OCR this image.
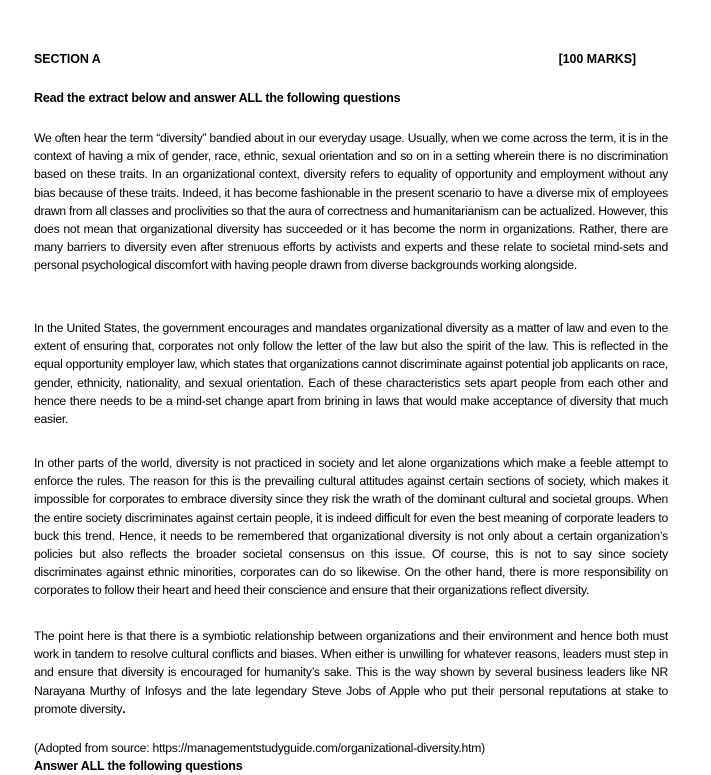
SECTION A	[100 MARKS]
Read the extract below and answer ALL the following questions

We often hear the term “diversity” bandied about in our everyday usage. Usually, when we come across the term, it is in the context of having a mix of gender, race, ethnic, sexual orientation and so on in a setting wherein there is no discrimination based on these traits. In an organizational context, diversity refers to equality of opportunity and employment without any bias because of these traits. Indeed, it has become fashionable in the present scenario to have a diverse mix of employees drawn from all classes and proclivities so that the aura of correctness and humanitarianism can be actualized. However, this does not mean that organizational diversity has succeeded or it has become the norm in organizations. Rather, there are many barriers to diversity even after strenuous efforts by activists and experts and these relate to societal mind-sets and personal psychological discomfort with having people drawn from diverse backgrounds working alongside.

In the United States, the government encourages and mandates organizational diversity as a matter of law and even to the extent of ensuring that, corporates not only follow the letter of the law but also the spirit of the law. This is reflected in the equal opportunity employer law, which states that organizations cannot discriminate against potential job applicants on race, gender, ethnicity, nationality, and sexual orientation. Each of these characteristics sets apart people from each other and hence there needs to be a mind-set change apart from brining in laws that would make acceptance of diversity that much easier.

In other parts of the world, diversity is not practiced in society and let alone organizations which make a feeble attempt to enforce the rules. The reason for this is the prevailing cultural attitudes against certain sections of society, which makes it impossible for corporates to embrace diversity since they risk the wrath of the dominant cultural and societal groups. When the entire society discriminates against certain people, it is indeed difficult for even the best meaning of corporate leaders to buck this trend. Hence, it needs to be remembered that organizational diversity is not only about a certain organization’s policies but also reflects the broader societal consensus on this issue. Of course, this is not to say since society discriminates against ethnic minorities, corporates can do so likewise. On the other hand, there is more responsibility on corporates to follow their heart and heed their conscience and ensure that their organizations reflect diversity.

The point here is that there is a symbiotic relationship between organizations and their environment and hence both must work in tandem to resolve cultural conflicts and biases. When either is unwilling for whatever reasons, leaders must step in and ensure that diversity is encouraged for humanity’s sake. This is the way shown by several business leaders like NR Narayana Murthy of Infosys and the late legendary Steve Jobs of Apple who put their personal reputations at stake to promote diversity.

(Adopted from source: https://managementstudyguide.com/organizational-diversity.htm)
Answer ALL the following questions
